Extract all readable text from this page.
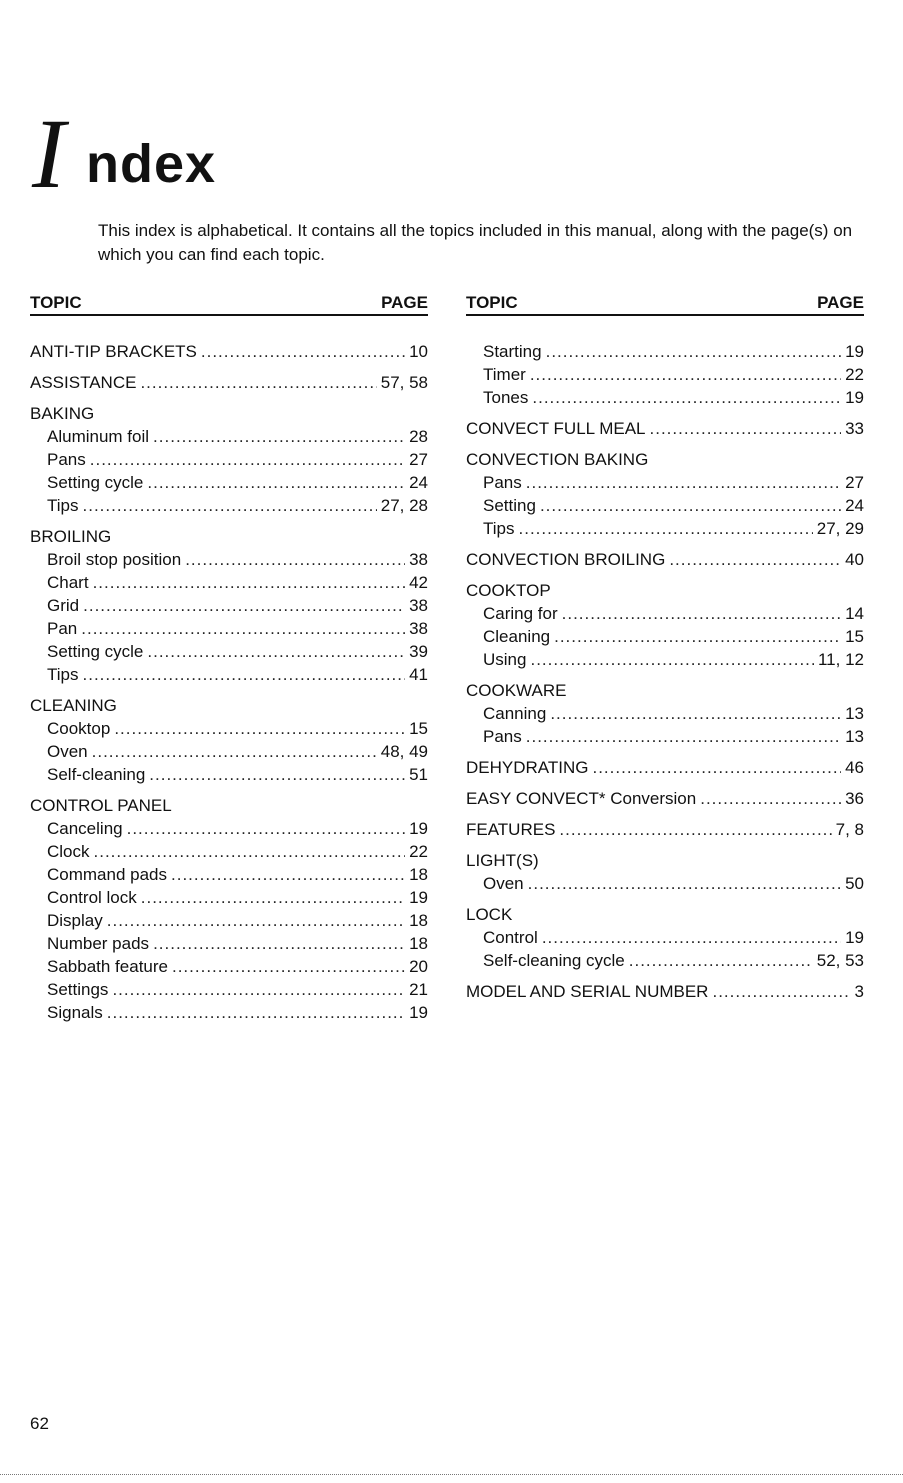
I ndex
This index is alphabetical. It contains all the topics included in this manual, along with the page(s) on which you can find each topic.
TOPIC	PAGE
ANTI-TIP BRACKETS .....	10
ASSISTANCE .....	57, 58
BAKING
Aluminum foil .....	28
Pans .....	27
Setting cycle .....	24
Tips .....	27, 28
BROILING
Broil stop position .....	38
Chart .....	42
Grid .....	38
Pan .....	38
Setting cycle .....	39
Tips .....	41
CLEANING
Cooktop .....	15
Oven .....	48, 49
Self-cleaning .....	51
CONTROL PANEL
Canceling .....	19
Clock .....	22
Command pads .....	18
Control lock .....	19
Display .....	18
Number pads .....	18
Sabbath feature .....	20
Settings .....	21
Signals .....	19
TOPIC	PAGE
Starting .....	19
Timer .....	22
Tones .....	19
CONVECT FULL MEAL .....	33
CONVECTION BAKING
Pans .....	27
Setting .....	24
Tips .....	27, 29
CONVECTION BROILING .....	40
COOKTOP
Caring for .....	14
Cleaning .....	15
Using .....	11, 12
COOKWARE
Canning .....	13
Pans .....	13
DEHYDRATING .....	46
EASY CONVECT* Conversion .....	36
FEATURES .....	7, 8
LIGHT(S)
Oven .....	50
LOCK
Control .....	19
Self-cleaning cycle .....	52, 53
MODEL AND SERIAL NUMBER .....	3
62
